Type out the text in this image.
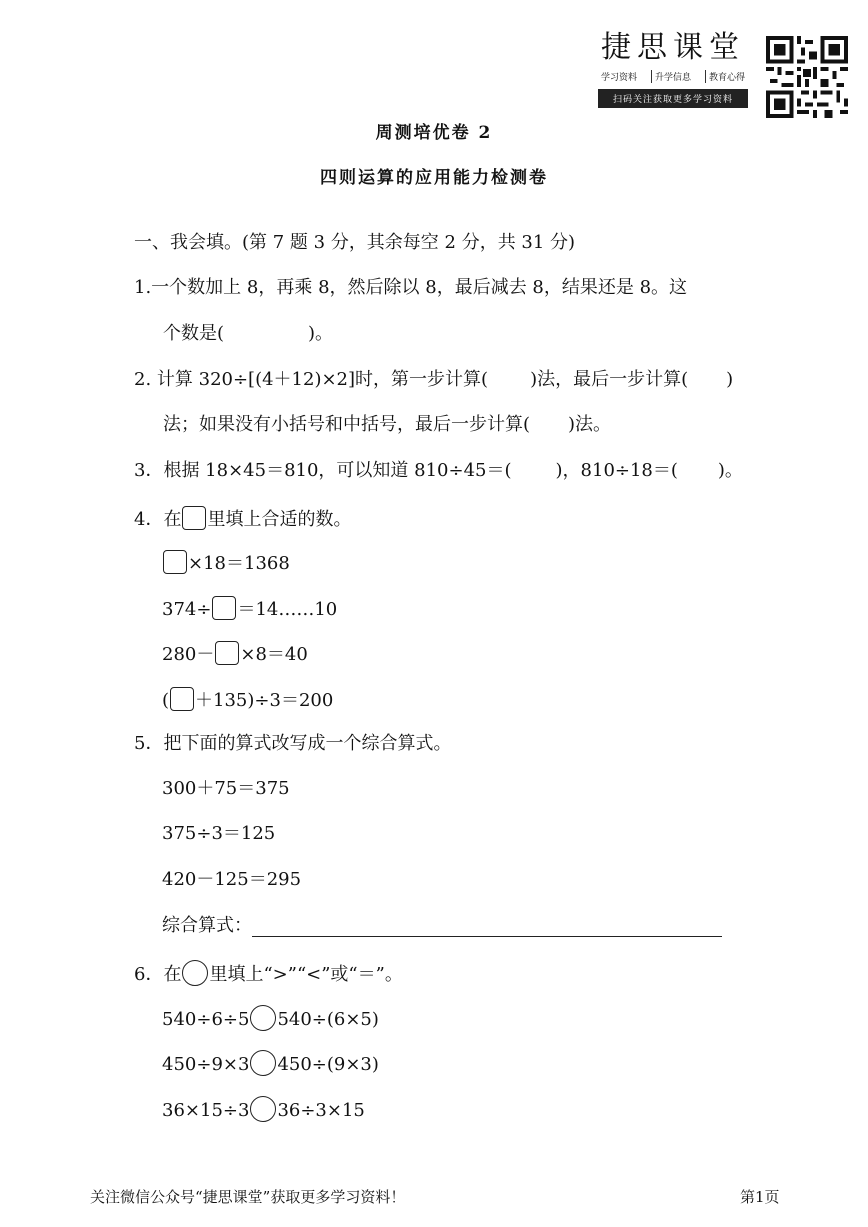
捷思课堂
学习资料	升学信息	教育心得
扫码关注获取更多学习资料
周测培优卷 2
四则运算的应用能力检测卷
一、我会填。(第 7 题 3 分，其余每空 2 分，共 31 分)
1.一个数加上 8，再乘 8，然后除以 8，最后减去 8，结果还是 8。这
个数是(	)。
2. 计算 320÷[(4＋12)×2]时，第一步计算( )法，最后一步计算( )
法；如果没有小括号和中括号，最后一步计算( )法。
3．根据 18×45＝810，可以知道 810÷45＝( )，810÷18＝( )。
4．在 里填上合适的数。
×18＝1368
374÷ ＝14……10
280－ ×8＝40
( ＋135)÷3＝200
5．把下面的算式改写成一个综合算式。
300＋75＝375
375÷3＝125
420－125＝295
综合算式：
6．在 里填上“>”“<”或“＝”。
540÷6÷5 540÷(6×5)
450÷9×3 450÷(9×3)
36×15÷3 36÷3×15
关注微信公众号“捷思课堂”获取更多学习资料！	第1页
